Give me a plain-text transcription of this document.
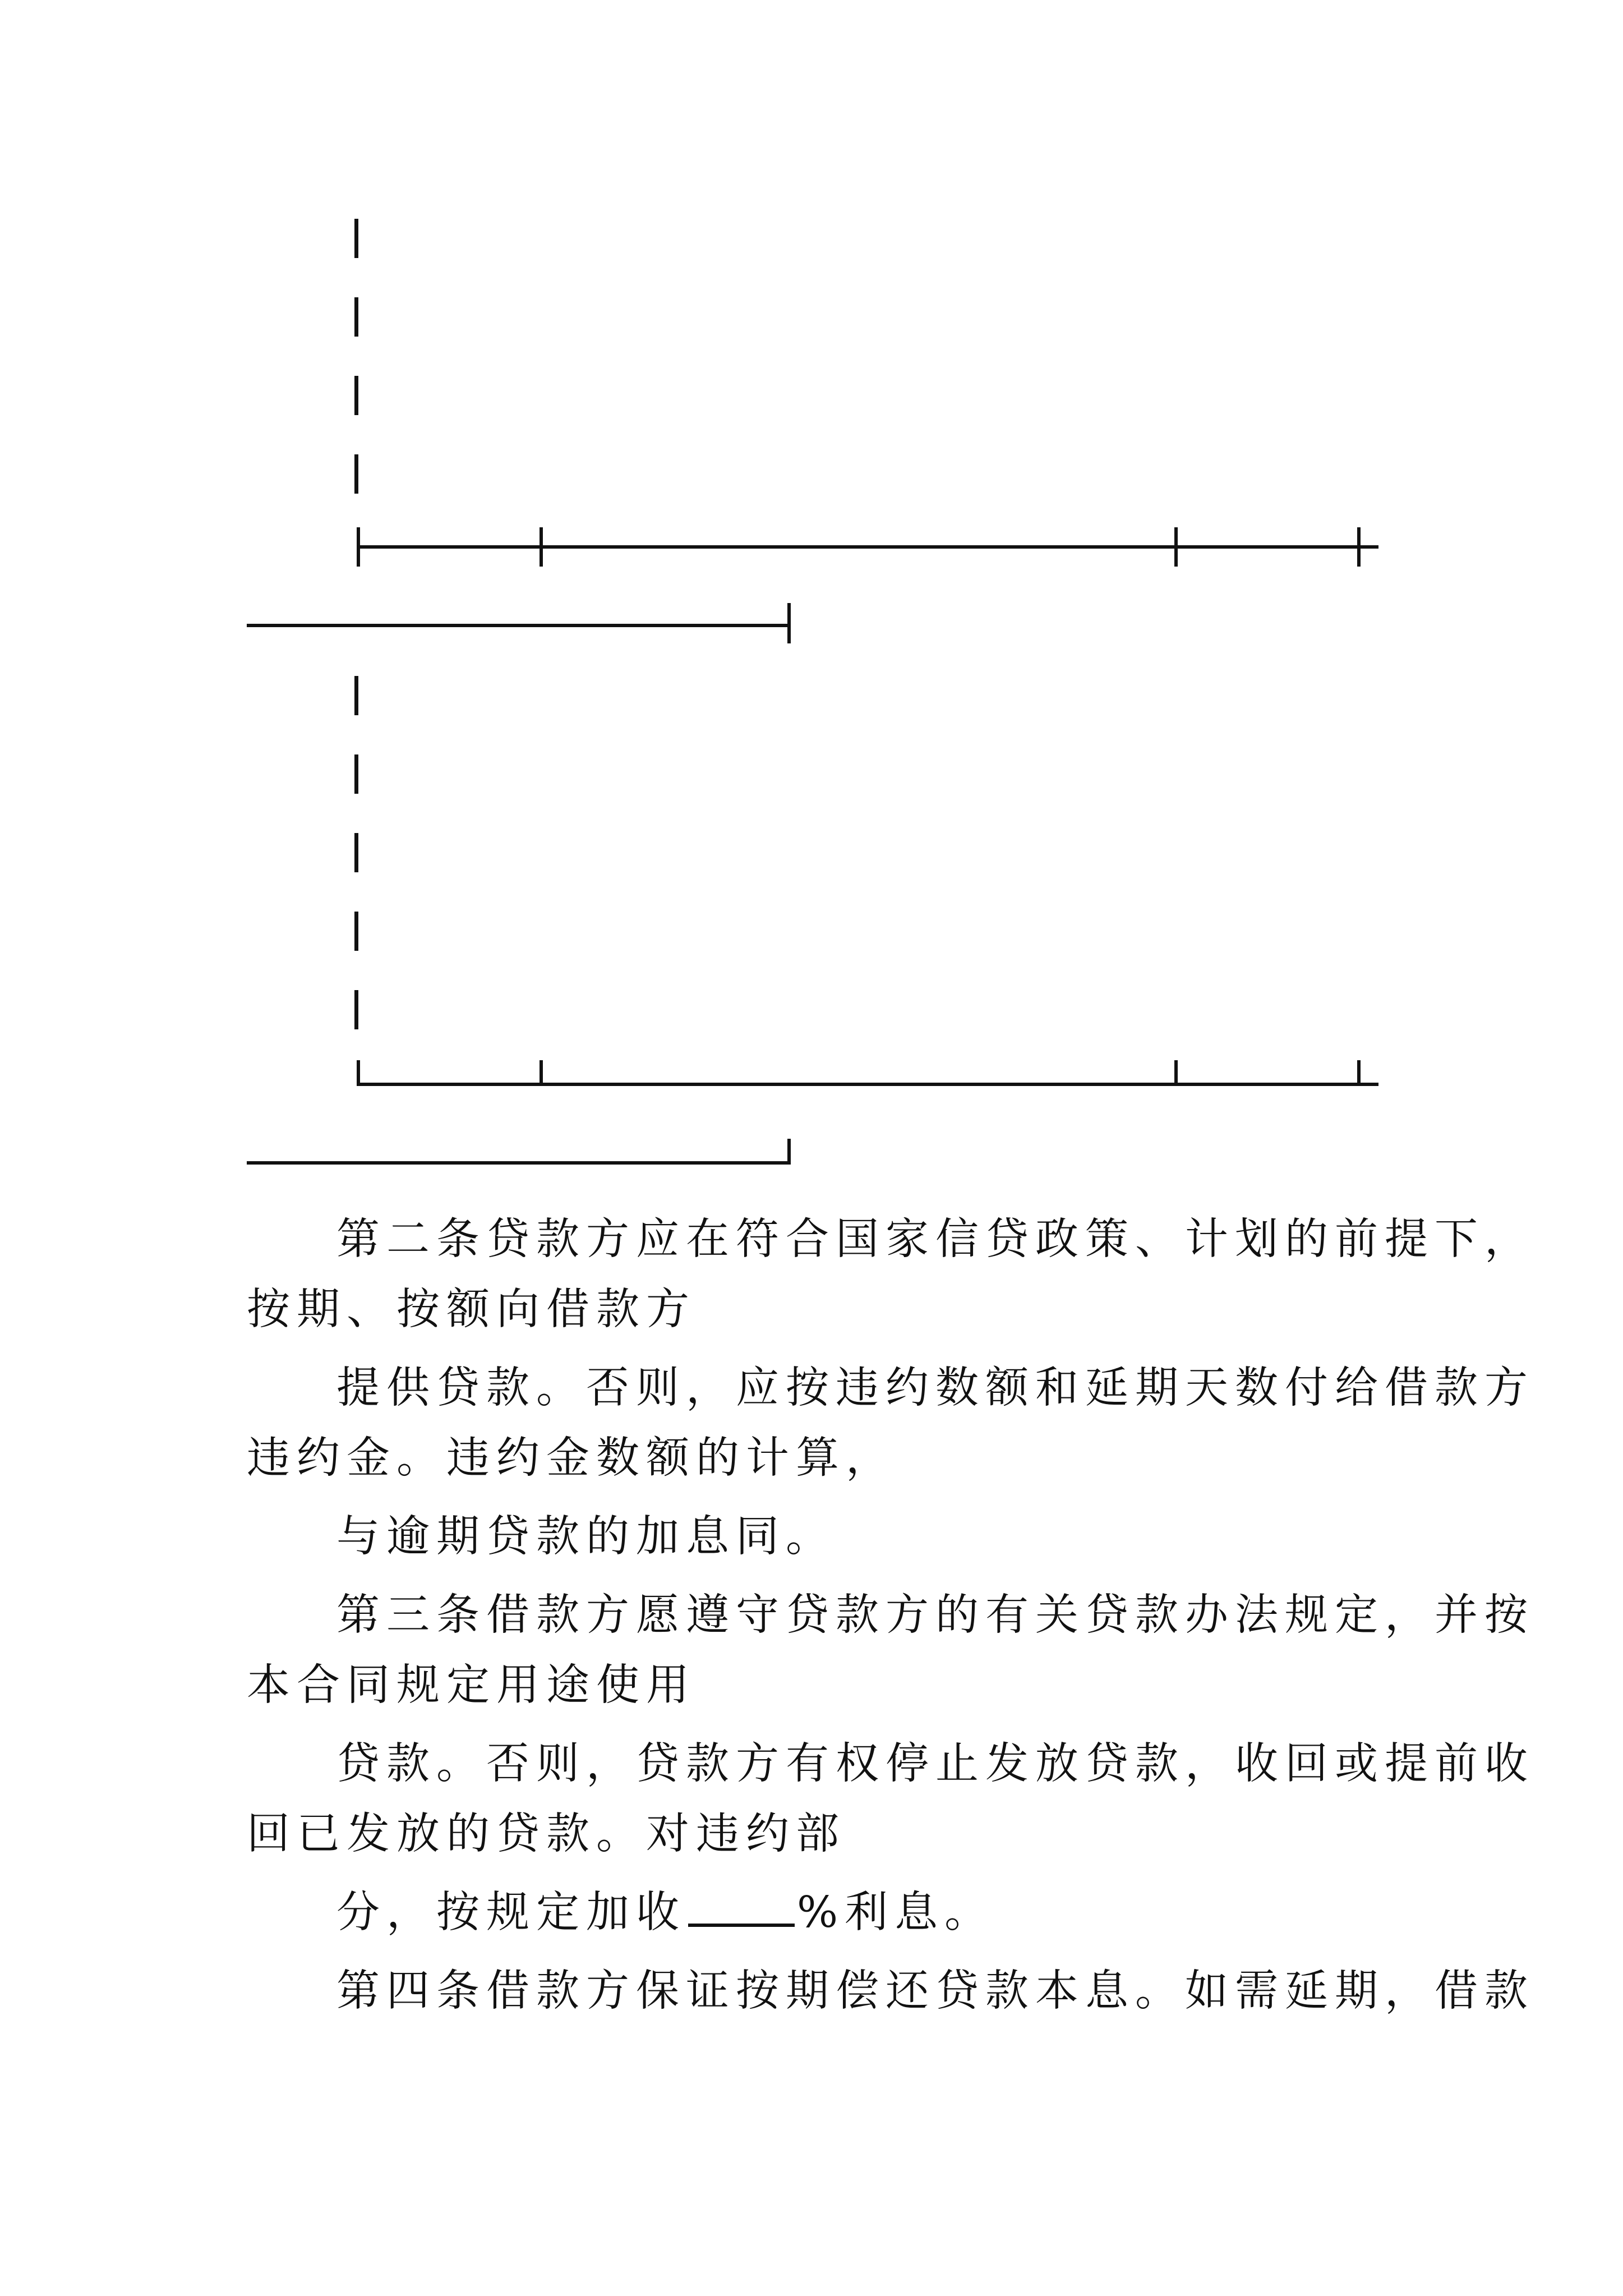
第二条贷款方应在符合国家信贷政策、计划的前提下，
按期、按额向借款方
提供贷款。否则，应按违约数额和延期天数付给借款方
违约金。违约金数额的计算，
与逾期贷款的加息同。
第三条借款方愿遵守贷款方的有关贷款办法规定，并按
本合同规定用途使用
贷款。否则，贷款方有权停止发放贷款，收回或提前收
回已发放的贷款。对违约部
分，按规定加收	%利息。
第四条借款方保证按期偿还贷款本息。如需延期，借款
